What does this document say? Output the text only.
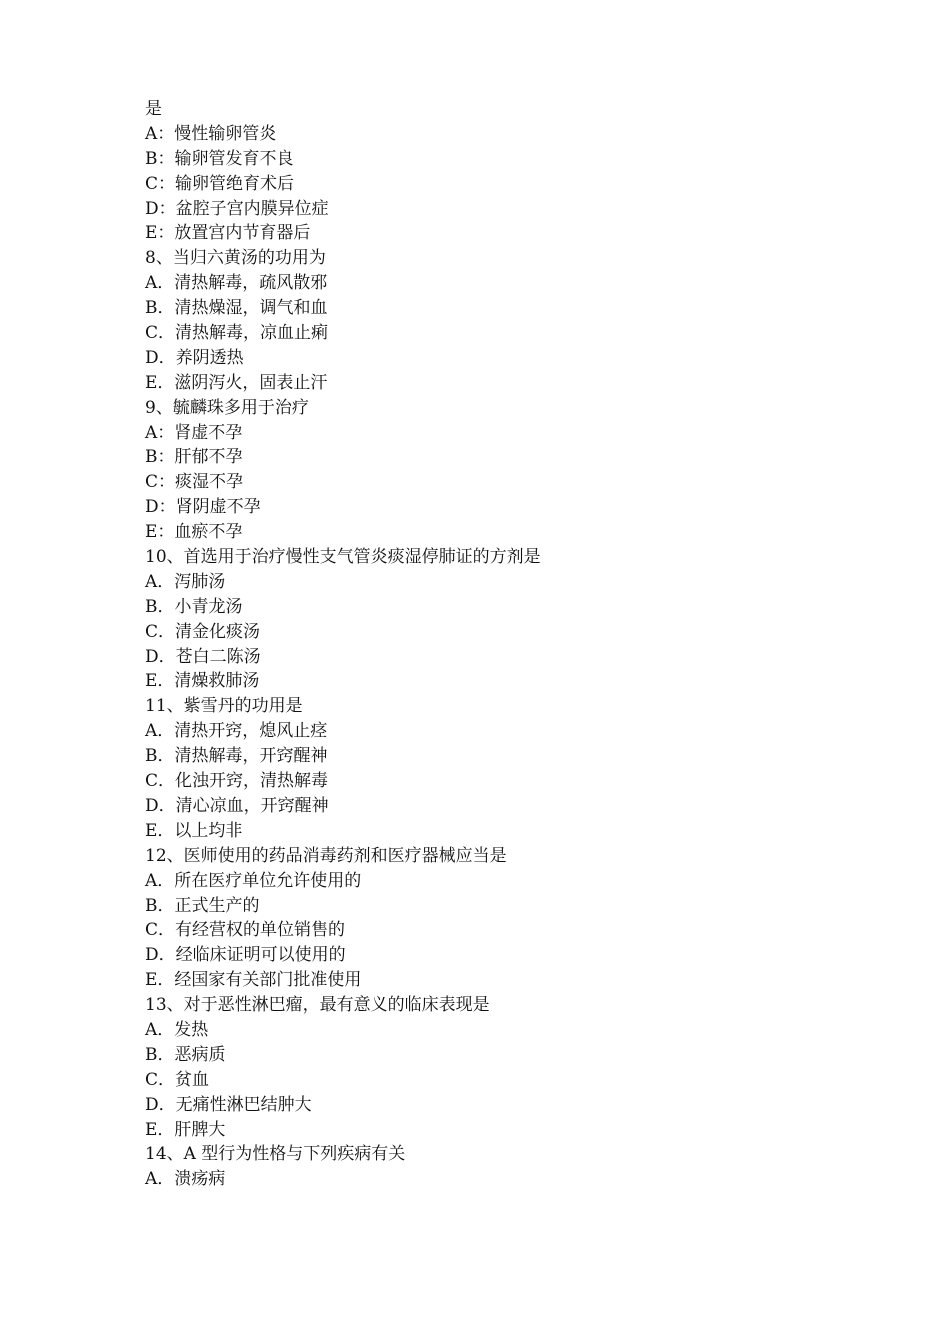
是
A：慢性输卵管炎
B：输卵管发育不良
C：输卵管绝育术后
D：盆腔子宫内膜异位症
E：放置宫内节育器后
8、当归六黄汤的功用为
A．清热解毒，疏风散邪
B．清热燥湿，调气和血
C．清热解毒，凉血止痢
D．养阴透热
E．滋阴泻火，固表止汗
9、毓麟珠多用于治疗
A：肾虚不孕
B：肝郁不孕
C：痰湿不孕
D：肾阴虚不孕
E：血瘀不孕
10、首选用于治疗慢性支气管炎痰湿停肺证的方剂是
A．泻肺汤
B．小青龙汤
C．清金化痰汤
D．苍白二陈汤
E．清燥救肺汤
11、紫雪丹的功用是
A．清热开窍，熄风止痉
B．清热解毒，开窍醒神
C．化浊开窍，清热解毒
D．清心凉血，开窍醒神
E．以上均非
12、医师使用的药品消毒药剂和医疗器械应当是
A．所在医疗单位允许使用的
B．正式生产的
C．有经营权的单位销售的
D．经临床证明可以使用的
E．经国家有关部门批准使用
13、对于恶性淋巴瘤，最有意义的临床表现是
A．发热
B．恶病质
C．贫血
D．无痛性淋巴结肿大
E．肝脾大
14、A 型行为性格与下列疾病有关
A．溃疡病
